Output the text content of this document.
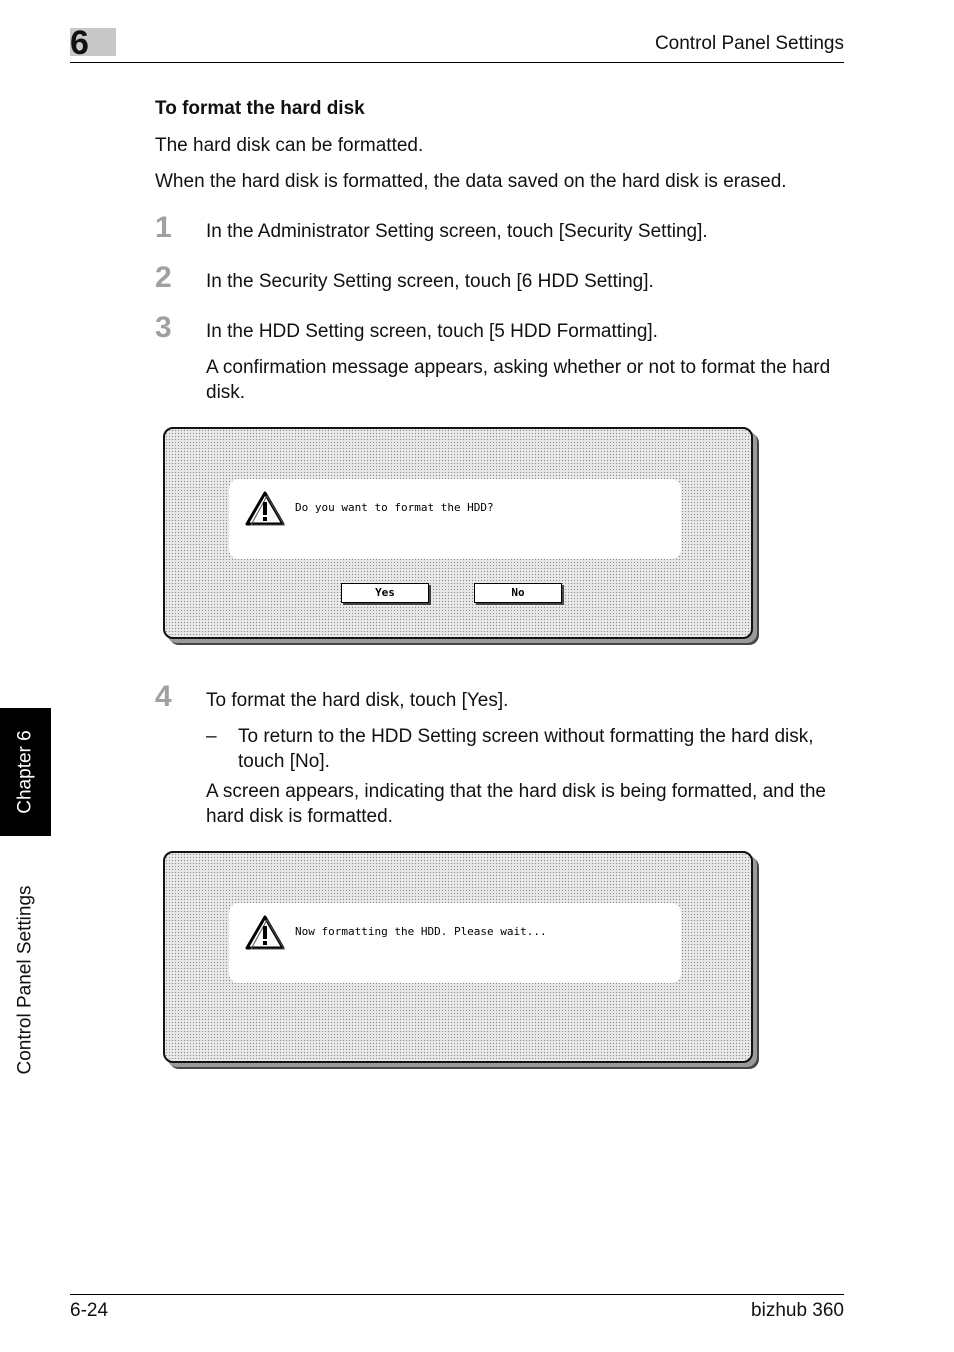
6	Control Panel Settings
Chapter 6
Control Panel Settings
To format the hard disk
The hard disk can be formatted.
When the hard disk is formatted, the data saved on the hard disk is erased.
1 In the Administrator Setting screen, touch [Security Setting].
2 In the Security Setting screen, touch [6 HDD Setting].
3 In the HDD Setting screen, touch [5 HDD Formatting].
A confirmation message appears, asking whether or not to format the hard disk.
Do you want to format the HDD?
Yes	No
4 To format the hard disk, touch [Yes].
– To return to the HDD Setting screen without formatting the hard disk, touch [No].
A screen appears, indicating that the hard disk is being formatted, and the hard disk is formatted.
Now formatting the HDD. Please wait...
6-24	bizhub 360
